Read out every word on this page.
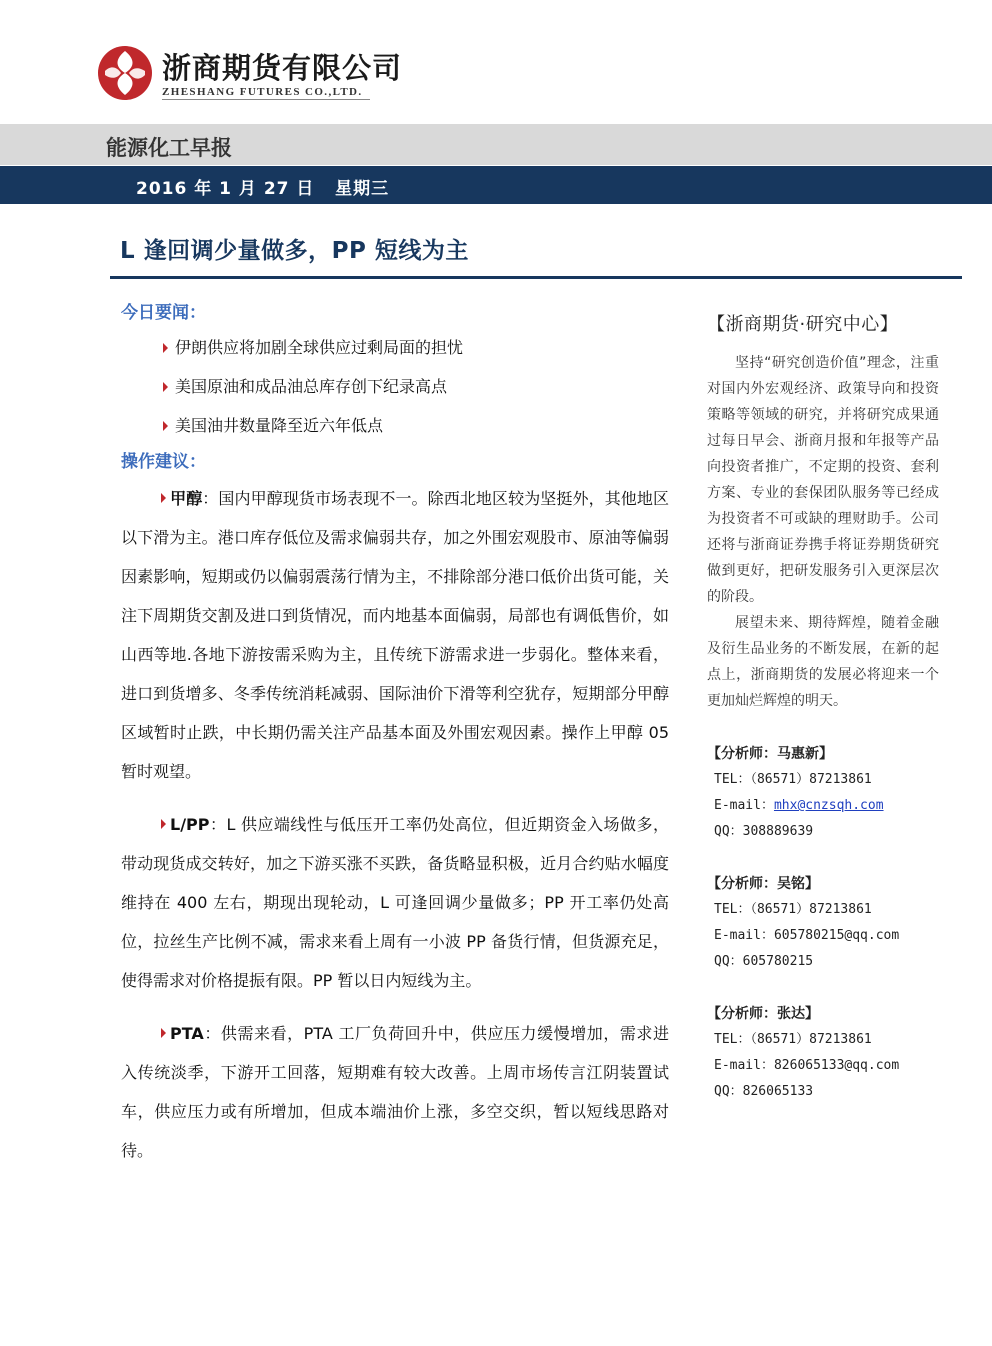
浙商期货有限公司
ZHESHANG FUTURES CO.,LTD.
能源化工早报
2016 年 1 月 27 日   星期三
L 逢回调少量做多，PP 短线为主
今日要闻：
伊朗供应将加剧全球供应过剩局面的担忧
美国原油和成品油总库存创下纪录高点
美国油井数量降至近六年低点
操作建议：

甲醇：国内甲醇现货市场表现不一。除西北地区较为坚挺外，其他地区以下滑为主。港口库存低位及需求偏弱共存，加之外围宏观股市、原油等偏弱因素影响，短期或仍以偏弱震荡行情为主，不排除部分港口低价出货可能，关注下周期货交割及进口到货情况，而内地基本面偏弱，局部也有调低售价，如山西等地.各地下游按需采购为主，且传统下游需求进一步弱化。整体来看，进口到货增多、冬季传统消耗减弱、国际油价下滑等利空犹存，短期部分甲醇区域暂时止跌，中长期仍需关注产品基本面及外围宏观因素。操作上甲醇 05 暂时观望。

L/PP：L 供应端线性与低压开工率仍处高位，但近期资金入场做多，带动现货成交转好，加之下游买涨不买跌，备货略显积极，近月合约贴水幅度维持在 400 左右，期现出现轮动，L 可逢回调少量做多；PP 开工率仍处高位，拉丝生产比例不减，需求来看上周有一小波 PP 备货行情，但货源充足，使得需求对价格提振有限。PP 暂以日内短线为主。

PTA：供需来看，PTA 工厂负荷回升中，供应压力缓慢增加，需求进入传统淡季，下游开工回落，短期难有较大改善。上周市场传言江阴装置试车，供应压力或有所增加，但成本端油价上涨，多空交织，暂以短线思路对待。

【浙商期货·研究中心】

坚持“研究创造价值”理念，注重对国内外宏观经济、政策导向和投资策略等领域的研究，并将研究成果通过每日早会、浙商月报和年报等产品向投资者推广，不定期的投资、套利方案、专业的套保团队服务等已经成为投资者不可或缺的理财助手。公司还将与浙商证券携手将证券期货研究做到更好，把研发服务引入更深层次的阶段。

展望未来、期待辉煌，随着金融及衍生品业务的不断发展，在新的起点上，浙商期货的发展必将迎来一个更加灿烂辉煌的明天。

【分析师：马惠新】
TEL：（86571）87213861
E-mail：mhx@cnzsqh.com
QQ：308889639
【分析师：吴铭】
TEL：（86571）87213861
E-mail：605780215@qq.com
QQ：605780215
【分析师：张达】
TEL：（86571）87213861
E-mail：826065133@qq.com
QQ：826065133
